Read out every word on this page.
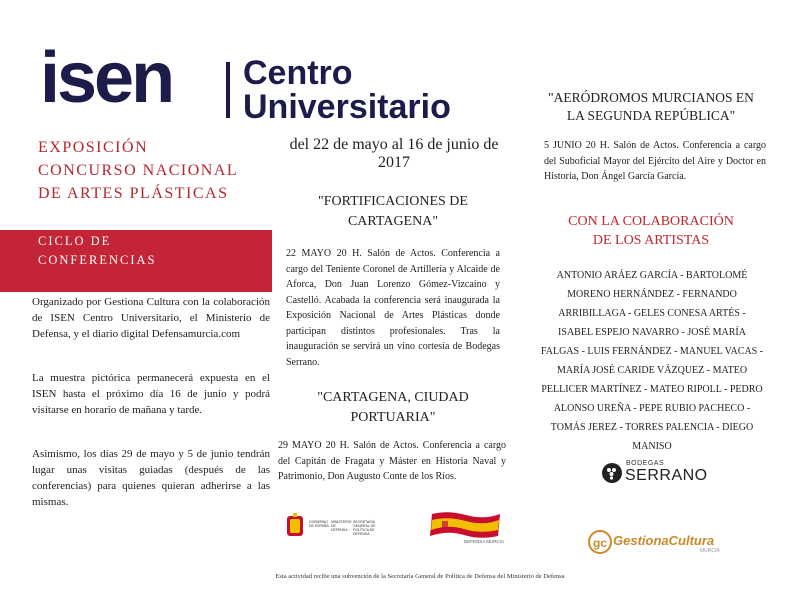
isen Centro
Universitario
EXPOSICIÓN
CONCURSO NACIONAL
DE ARTES PLÁSTICAS
CICLO DE
CONFERENCIAS
Organizado por Gestiona Cultura con la colaboración de ISEN Centro Universitario, el Ministerio de Defensa, y el diario digital Defensamurcia.com
La muestra pictórica permanecerá expuesta en el ISEN hasta el próximo día 16 de junio y podrá visitarse en horario de mañana y tarde.
Asimismo, los días 29 de mayo y 5 de junio tendrán lugar unas visitas guiadas (después de las conferencias) para quienes quieran adherirse a las mismas.
del 22 de mayo al 16 de junio de 2017
"FORTIFICACIONES DE
CARTAGENA"
22 MAYO 20 H. Salón de Actos. Conferencia a cargo del Teniente Coronel de Artillería y Alcaide de Aforca, Don Juan Lorenzo Gómez-Vizcaíno y Castelló. Acabada la conferencia será inaugurada la Exposición Nacional de Artes Plásticas donde participan distintos profesionales. Tras la inauguración se servirá un vino cortesía de Bodegas Serrano.
"CARTAGENA, CIUDAD
PORTUARIA"
29 MAYO 20 H. Salón de Actos. Conferencia a cargo del Capitán de Fragata y Máster en Historia Naval y Patrimonio, Don Augusto Conte de los Ríos.
GOBIERNO DE ESPAÑA
MINISTERIO DE DEFENSA
SECRETARÍA GENERAL DE POLÍTICA DE DEFENSA
DEFENSA MURCIA
"AERÓDROMOS MURCIANOS EN
LA SEGUNDA REPÚBLICA"
5 JUNIO 20 H. Salón de Actos. Conferencia a cargo del Suboficial Mayor del Ejército del Aire y Doctor en Historia, Don Ángel García García.
CON LA COLABORACIÓN
DE LOS ARTISTAS
ANTONIO ARÁEZ GARCÍA - BARTOLOMÉ MORENO HERNÁNDEZ - FERNANDO ARRIBILLAGA - GELES CONESA ARTÉS - ISABEL ESPEJO NAVARRO - JOSÉ MARÍA FALGAS - LUIS FERNÁNDEZ - MANUEL VACAS - MARÍA JOSÉ CARIDE VÁZQUEZ - MATEO PELLICER MARTÍNEZ - MATEO RIPOLL - PEDRO ALONSO UREÑA - PEPE RUBIO PACHECO - TOMÁS JEREZ - TORRES PALENCIA - DIEGO MANISO
BODEGAS
SERRANO
gc GestionaCultura
MURCIA
Esta actividad recibe una subvención de la Secretaría General de Política de Defensa del Ministerio de Defensa
